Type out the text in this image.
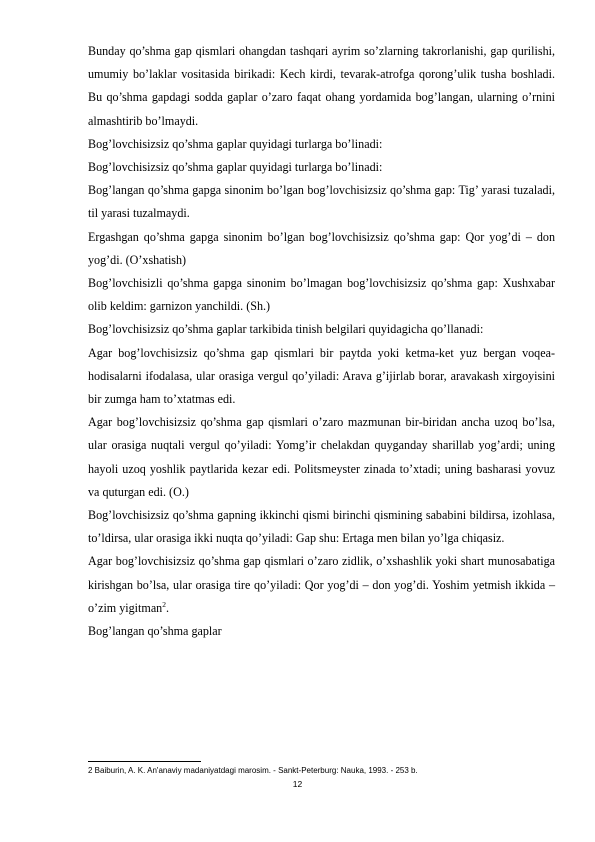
Bunday qo’shma gap qismlari ohangdan tashqari ayrim so’zlarning takrorlanishi, gap qurilishi, umumiy bo’laklar vositasida birikadi: Kech kirdi, tevarak-atrofga qorong’ulik tusha boshladi. Bu qo’shma gapdagi sodda gaplar o’zaro faqat ohang yordamida bog’langan, ularning o’rnini almashtirib bo’lmaydi.

Bog’lovchisizsiz qo’shma gaplar quyidagi turlarga bo’linadi:

Bog’lovchisizsiz qo’shma gaplar quyidagi turlarga bo’linadi:

Bog’langan qo’shma gapga sinonim bo’lgan bog’lovchisizsiz qo’shma gap: Tig’ yarasi tuzaladi, til yarasi tuzalmaydi.

Ergashgan qo’shma gapga sinonim bo’lgan bog’lovchisizsiz qo’shma gap: Qor yog’di – don yog’di. (O’xshatish)

Bog’lovchisizli qo’shma gapga sinonim bo’lmagan bog’lovchisizsiz qo’shma gap: Xushxabar olib keldim: garnizon yanchildi. (Sh.)

Bog’lovchisizsiz qo’shma gaplar tarkibida tinish belgilari quyidagicha qo’llanadi:

Agar bog’lovchisizsiz qo’shma gap qismlari bir paytda yoki ketma-ket yuz bergan voqea-hodisalarni ifodalasa, ular orasiga vergul qo’yiladi: Arava g’ijirlab borar, aravakash xirgoyisini bir zumga ham to’xtatmas edi.

Agar bog’lovchisizsiz qo’shma gap qismlari o’zaro mazmunan bir-biridan ancha uzoq bo’lsa, ular orasiga nuqtali vergul qo’yiladi: Yomg’ir chelakdan quyganday sharillab yog’ardi; uning hayoli uzoq yoshlik paytlarida kezar edi. Politsmeyster zinada to’xtadi; uning basharasi yovuz va quturgan edi. (O.)

Bog’lovchisizsiz qo’shma gapning ikkinchi qismi birinchi qismining sababini bildirsa, izohlasa, to’ldirsa, ular orasiga ikki nuqta qo’yiladi: Gap shu: Ertaga men bilan yo’lga chiqasiz.

Agar bog’lovchisizsiz qo’shma gap qismlari o’zaro zidlik, o’xshashlik yoki shart munosabatiga kirishgan bo’lsa, ular orasiga tire qo’yiladi: Qor yog’di – don yog’di. Yoshim yetmish ikkida –o’zim yigitman$^2$.

Bog’langan qo’shma gaplar

2 Baiburin, A. K. An'anaviy madaniyatdagi marosim. - Sankt-Peterburg: Nauka, 1993. - 253 b.
12
